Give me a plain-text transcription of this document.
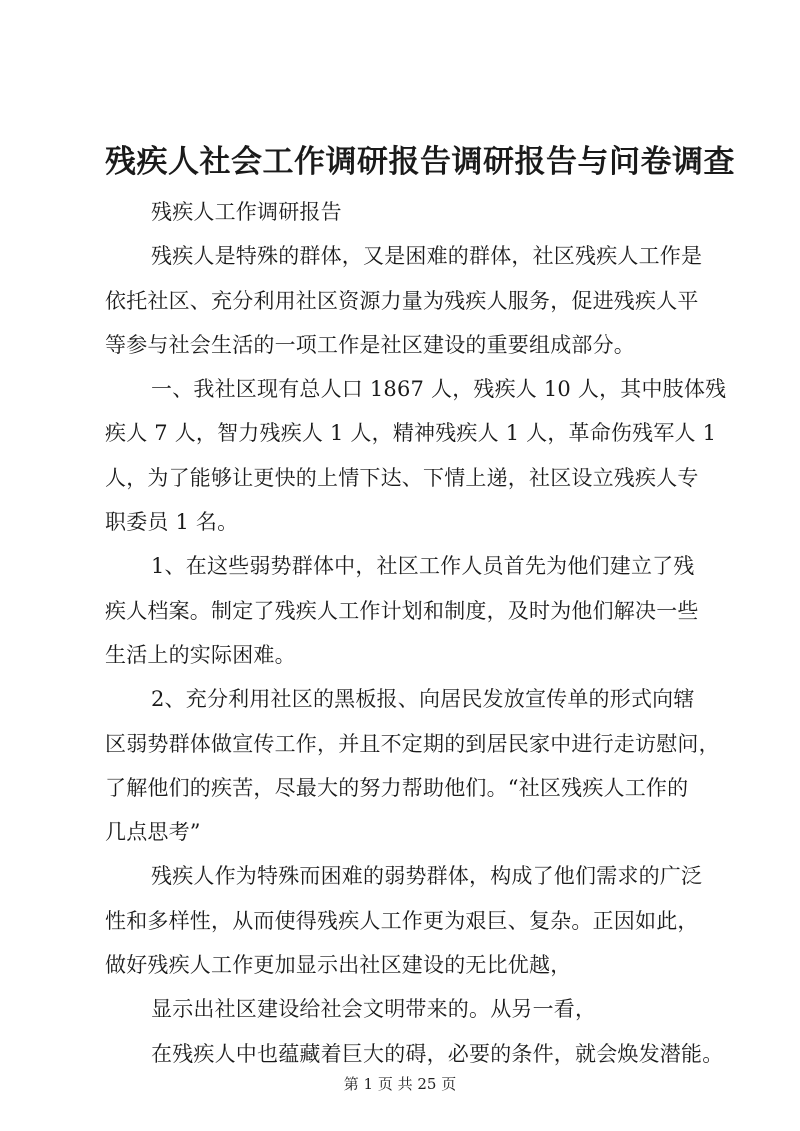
残疾人社会工作调研报告调研报告与问卷调查
残疾人工作调研报告
残疾人是特殊的群体，又是困难的群体，社区残疾人工作是
依托社区、充分利用社区资源力量为残疾人服务，促进残疾人平
等参与社会生活的一项工作是社区建设的重要组成部分。
一、我社区现有总人口 1867 人，残疾人 10 人，其中肢体残
疾人 7 人，智力残疾人 1 人，精神残疾人 1 人，革命伤残军人 1
人，为了能够让更快的上情下达、下情上递，社区设立残疾人专
职委员 1 名。
1、在这些弱势群体中，社区工作人员首先为他们建立了残
疾人档案。制定了残疾人工作计划和制度，及时为他们解决一些
生活上的实际困难。
2、充分利用社区的黑板报、向居民发放宣传单的形式向辖
区弱势群体做宣传工作，并且不定期的到居民家中进行走访慰问，
了解他们的疾苦，尽最大的努力帮助他们。“社区残疾人工作的
几点思考”
残疾人作为特殊而困难的弱势群体，构成了他们需求的广泛
性和多样性，从而使得残疾人工作更为艰巨、复杂。正因如此，
做好残疾人工作更加显示出社区建设的无比优越，
显示出社区建设给社会文明带来的。从另一看，
在残疾人中也蕴藏着巨大的碍，必要的条件，就会焕发潜能。
第 1 页 共 25 页
